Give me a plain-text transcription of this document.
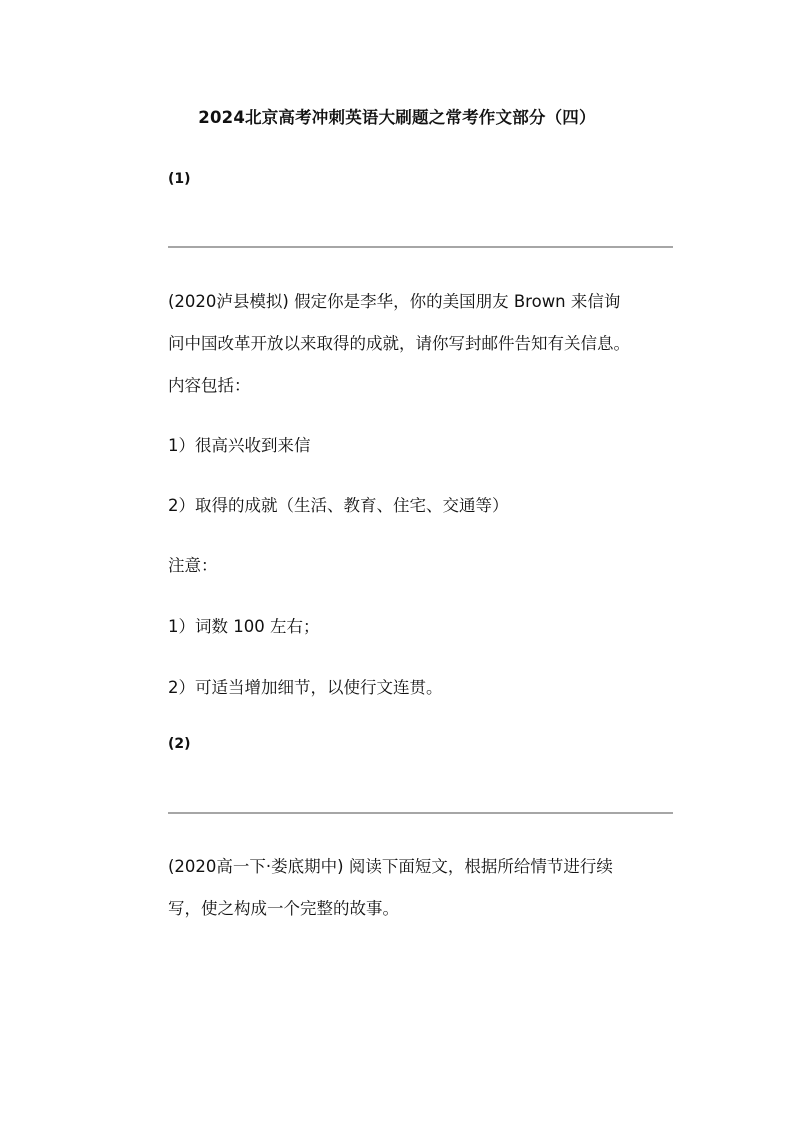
2024北京高考冲刺英语大刷题之常考作文部分（四）
(1)
(2020泸县模拟) 假定你是李华，你的美国朋友 Brown 来信询
问中国改革开放以来取得的成就，请你写封邮件告知有关信息。
内容包括：
1）很高兴收到来信
2）取得的成就（生活、教育、住宅、交通等）
注意：
1）词数 100 左右；
2）可适当增加细节，以使行文连贯。
(2)
(2020高一下·娄底期中) 阅读下面短文，根据所给情节进行续
写，使之构成一个完整的故事。
